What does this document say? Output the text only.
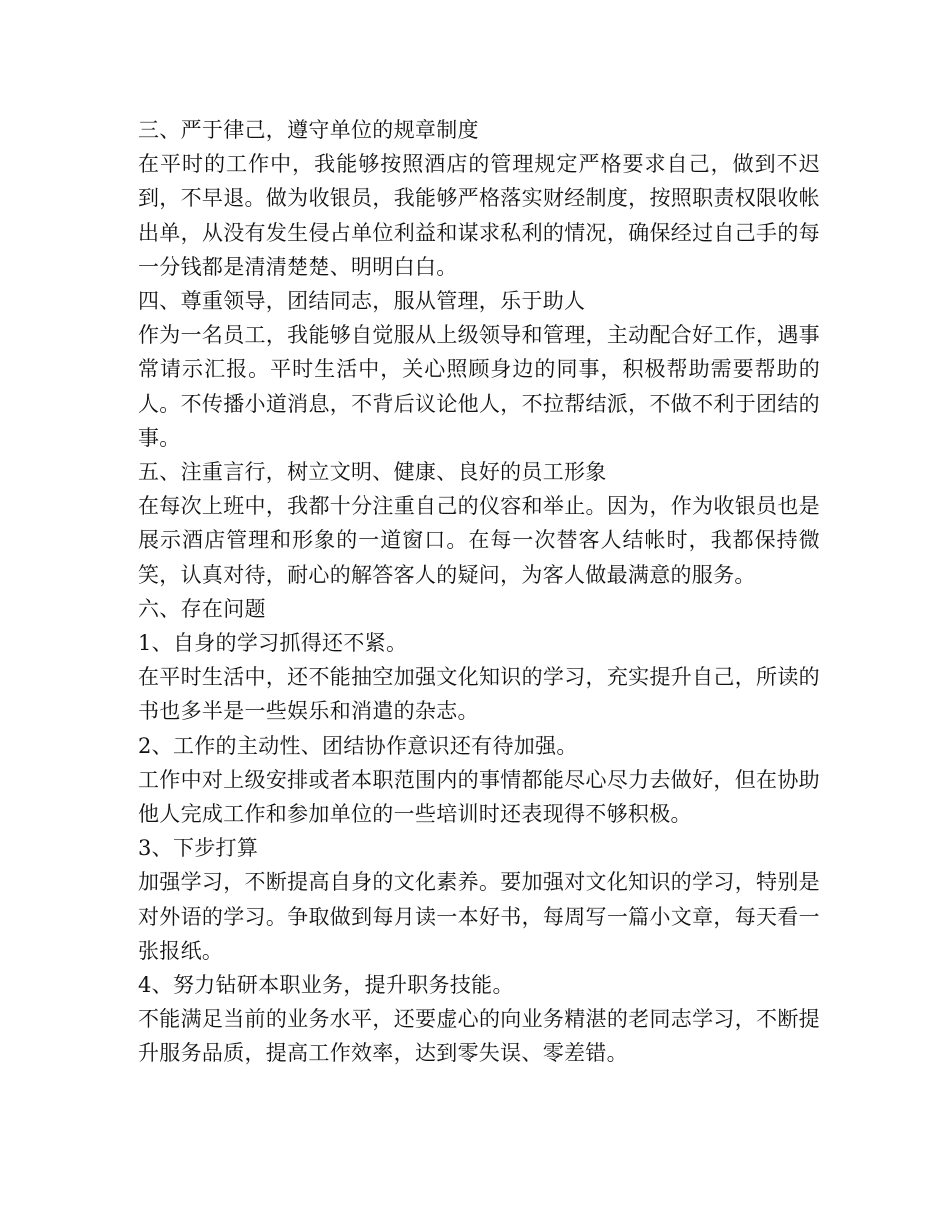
三、严于律己，遵守单位的规章制度

在平时的工作中，我能够按照酒店的管理规定严格要求自己，做到不迟到，不早退。做为收银员，我能够严格落实财经制度，按照职责权限收帐出单，从没有发生侵占单位利益和谋求私利的情况，确保经过自己手的每一分钱都是清清楚楚、明明白白。

四、尊重领导，团结同志，服从管理，乐于助人

作为一名员工，我能够自觉服从上级领导和管理，主动配合好工作，遇事常请示汇报。平时生活中，关心照顾身边的同事，积极帮助需要帮助的人。不传播小道消息，不背后议论他人，不拉帮结派，不做不利于团结的事。

五、注重言行，树立文明、健康、良好的员工形象

在每次上班中，我都十分注重自己的仪容和举止。因为，作为收银员也是展示酒店管理和形象的一道窗口。在每一次替客人结帐时，我都保持微笑，认真对待，耐心的解答客人的疑问，为客人做最满意的服务。

六、存在问题

1、自身的学习抓得还不紧。

在平时生活中，还不能抽空加强文化知识的学习，充实提升自己，所读的书也多半是一些娱乐和消遣的杂志。

2、工作的主动性、团结协作意识还有待加强。

工作中对上级安排或者本职范围内的事情都能尽心尽力去做好，但在协助他人完成工作和参加单位的一些培训时还表现得不够积极。

3、下步打算

加强学习，不断提高自身的文化素养。要加强对文化知识的学习，特别是对外语的学习。争取做到每月读一本好书，每周写一篇小文章，每天看一张报纸。

4、努力钻研本职业务，提升职务技能。

不能满足当前的业务水平，还要虚心的向业务精湛的老同志学习，不断提升服务品质，提高工作效率，达到零失误、零差错。
